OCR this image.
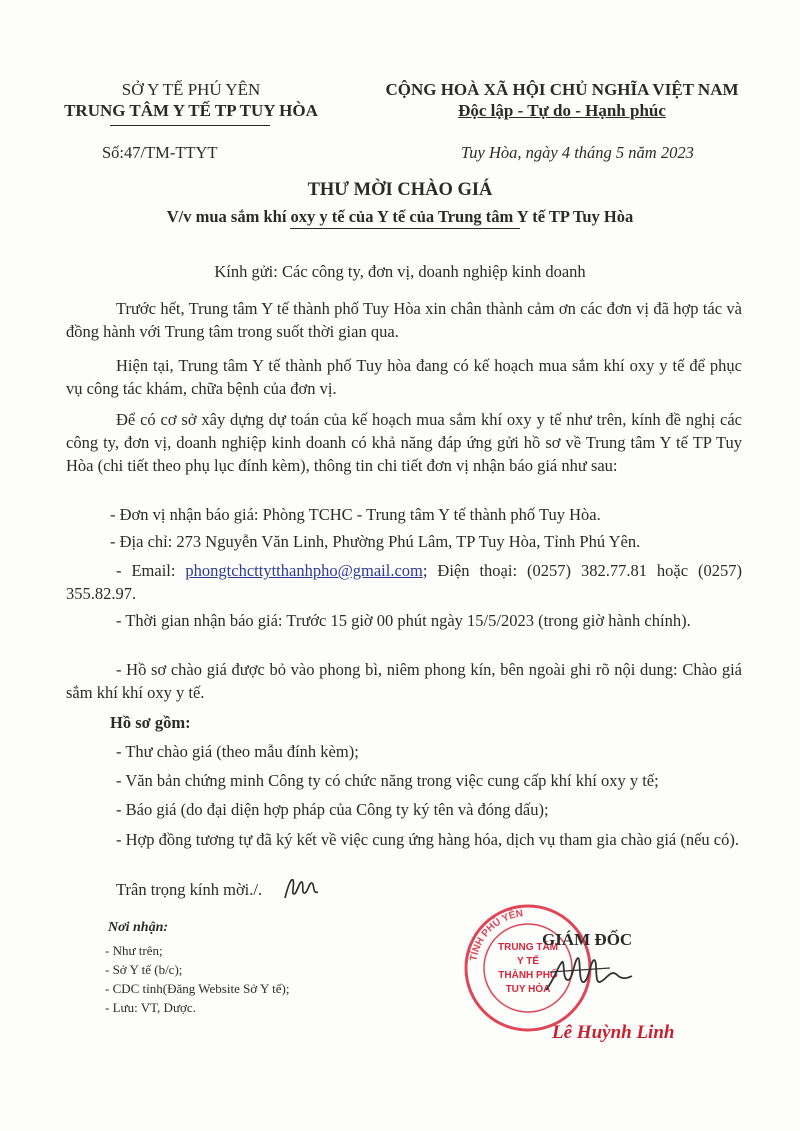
SỞ Y TẾ PHÚ YÊN
TRUNG TÂM Y TẾ TP TUY HÒA
Số:47/TM-TTYT
CỘNG HOÀ XÃ HỘI CHỦ NGHĨA VIỆT NAM
Độc lập - Tự do - Hạnh phúc
Tuy Hòa, ngày 4 tháng 5 năm 2023
THƯ MỜI CHÀO GIÁ
V/v mua sắm khí oxy y tế của Y tế của Trung tâm Y tế TP Tuy Hòa
Kính gửi: Các công ty, đơn vị, doanh nghiệp kinh doanh
Trước hết, Trung tâm Y tế thành phố Tuy Hòa xin chân thành cảm ơn các đơn vị đã hợp tác và đồng hành với Trung tâm trong suốt thời gian qua.
Hiện tại, Trung tâm Y tế thành phố Tuy hòa đang có kế hoạch mua sắm khí oxy y tế để phục vụ công tác khám, chữa bệnh của đơn vị.
Để có cơ sở xây dựng dự toán của kế hoạch mua sắm khí oxy y tế như trên, kính đề nghị các công ty, đơn vị, doanh nghiệp kinh doanh có khả năng đáp ứng gửi hồ sơ về Trung tâm Y tế TP Tuy Hòa (chi tiết theo phụ lục đính kèm), thông tin chi tiết đơn vị nhận báo giá như sau:
- Đơn vị nhận báo giá: Phòng TCHC - Trung tâm Y tế thành phố Tuy Hòa.
- Địa chỉ: 273 Nguyễn Văn Linh, Phường Phú Lâm, TP Tuy Hòa, Tỉnh Phú Yên.
- Email: phongtchcttytthanhpho@gmail.com; Điện thoại: (0257) 382.77.81 hoặc (0257) 355.82.97.
- Thời gian nhận báo giá: Trước 15 giờ 00 phút ngày 15/5/2023 (trong giờ hành chính).
- Hồ sơ chào giá được bỏ vào phong bì, niêm phong kín, bên ngoài ghi rõ nội dung: Chào giá sắm khí khí oxy y tế.
Hồ sơ gồm:
- Thư chào giá (theo mẫu đính kèm);
- Văn bản chứng minh Công ty có chức năng trong việc cung cấp khí khí oxy y tế;
- Báo giá (do đại diện hợp pháp của Công ty ký tên và đóng dấu);
- Hợp đồng tương tự đã ký kết về việc cung ứng hàng hóa, dịch vụ tham gia chào giá (nếu có).
Trân trọng kính mời./.
Nơi nhận:
- Như trên;
- Sở Y tế (b/c);
- CDC tỉnh(Đăng Website Sở Y tế);
- Lưu: VT, Dược.
TỈNH PHÚ YÊN
TRUNG TÂM
Y TẾ
THÀNH PHỐ
TUY HÒA
GIÁM ĐỐC
Lê Huỳnh Linh
